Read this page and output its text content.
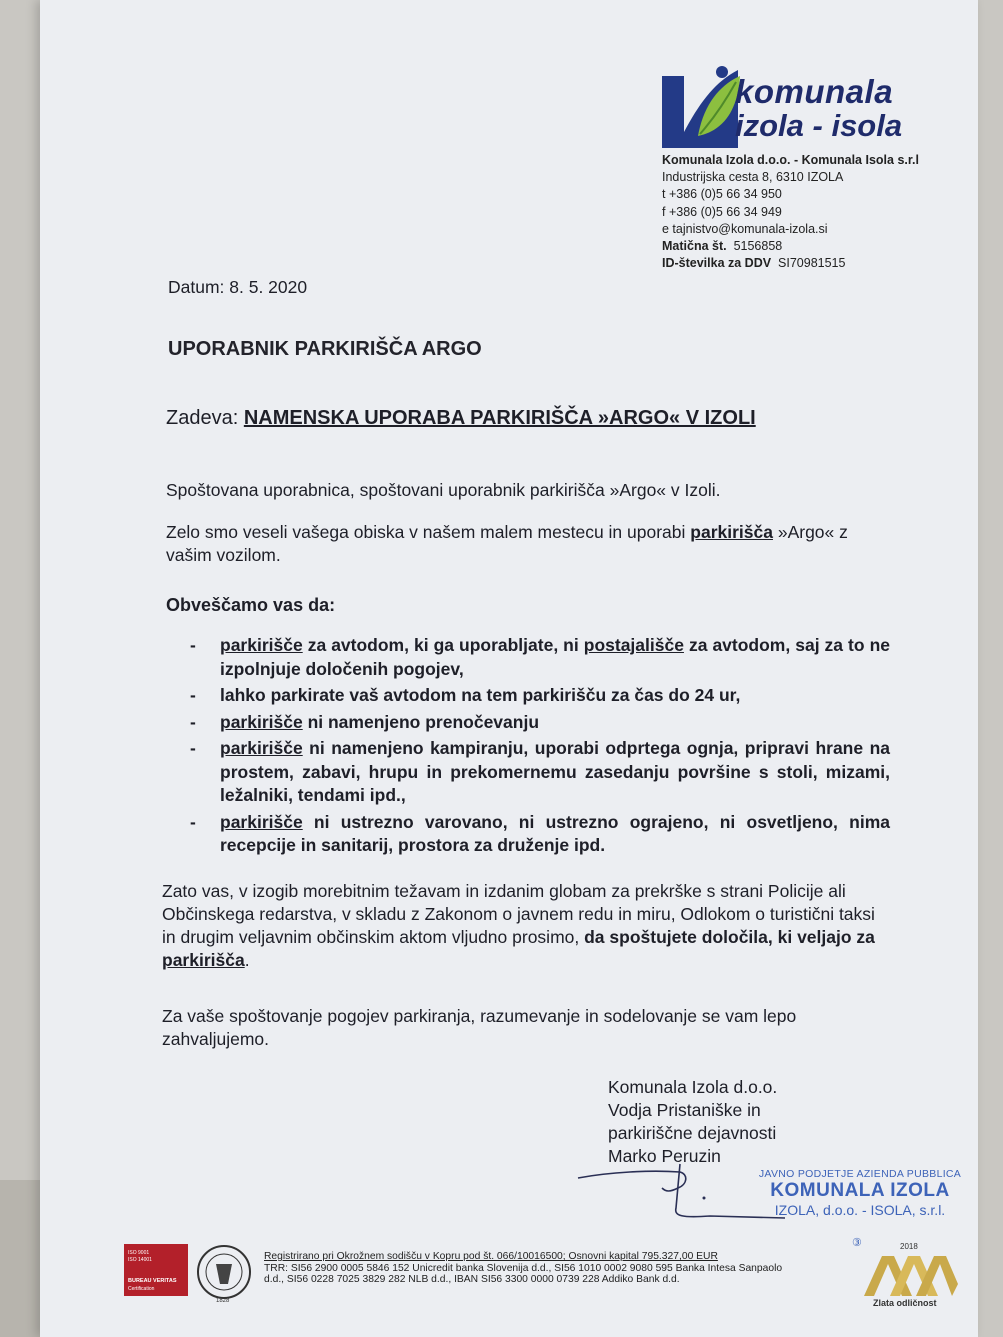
komunala
izola - isola
Komunala Izola d.o.o. - Komunala Isola s.r.l
Industrijska cesta 8, 6310 IZOLA
t +386 (0)5 66 34 950
f +386 (0)5 66 34 949
e tajnistvo@komunala-izola.si
Matična št. 5156858
ID-številka za DDV SI70981515
Datum: 8. 5. 2020
UPORABNIK PARKIRIŠČA ARGO
Zadeva: NAMENSKA UPORABA PARKIRIŠČA »ARGO« V IZOLI
Spoštovana uporabnica, spoštovani uporabnik parkirišča »Argo« v Izoli.
Zelo smo veseli vašega obiska v našem malem mestecu in uporabi parkirišča »Argo« z vašim vozilom.
Obveščamo vas da:
- parkirišče za avtodom, ki ga uporabljate, ni postajališče za avtodom, saj za to ne izpolnjuje določenih pogojev,
- lahko parkirate vaš avtodom na tem parkirišču za čas do 24 ur,
- parkirišče ni namenjeno prenočevanju
- parkirišče ni namenjeno kampiranju, uporabi odprtega ognja, pripravi hrane na prostem, zabavi, hrupu in prekomernemu zasedanju površine s stoli, mizami, ležalniki, tendami ipd.,
- parkirišče ni ustrezno varovano, ni ustrezno ograjeno, ni osvetljeno, nima recepcije in sanitarij, prostora za druženje ipd.
Zato vas, v izogib morebitnim težavam in izdanim globam za prekrške s strani Policije ali Občinskega redarstva, v skladu z Zakonom o javnem redu in miru, Odlokom o turistični taksi in drugim veljavnim občinskim aktom vljudno prosimo, da spoštujete določila, ki veljajo za parkirišča.
Za vaše spoštovanje pogojev parkiranja, razumevanje in sodelovanje se vam lepo zahvaljujemo.
Komunala Izola d.o.o.
Vodja Pristaniške in
parkiriščne dejavnosti
Marko Peruzin
JAVNO PODJETJE AZIENDA PUBBLICA
KOMUNALA IZOLA
IZOLA, d.o.o. - ISOLA, s.r.l.
③
ISO 9001
ISO 14001
BUREAU VERITAS
Certification
1828
Registrirano pri Okrožnem sodišču v Kopru pod št. 066/10016500; Osnovni kapital 795.327,00 EUR
TRR: SI56 2900 0005 5846 152 Unicredit banka Slovenija d.d., SI56 1010 0002 9080 595 Banka Intesa Sanpaolo
d.d., SI56 0228 7025 3829 282 NLB d.d., IBAN SI56 3300 0000 0739 228 Addiko Bank d.d.
2018
Zlata odličnost
